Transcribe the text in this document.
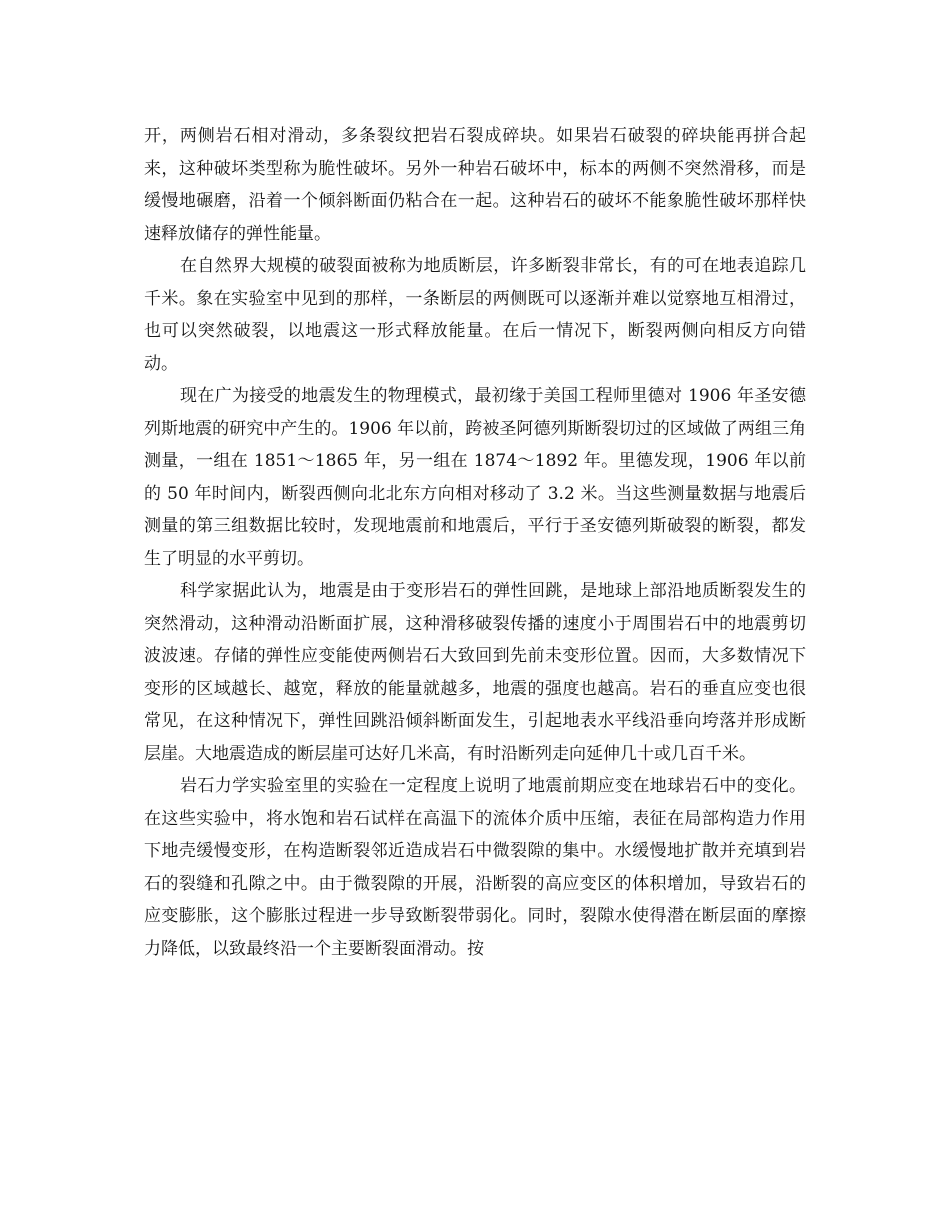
开，两侧岩石相对滑动，多条裂纹把岩石裂成碎块。如果岩石破裂的碎块能再拼合起来，这种破坏类型称为脆性破坏。另外一种岩石破坏中，标本的两侧不突然滑移，而是缓慢地碾磨，沿着一个倾斜断面仍粘合在一起。这种岩石的破坏不能象脆性破坏那样快速释放储存的弹性能量。

在自然界大规模的破裂面被称为地质断层，许多断裂非常长，有的可在地表追踪几千米。象在实验室中见到的那样，一条断层的两侧既可以逐渐并难以觉察地互相滑过，也可以突然破裂，以地震这一形式释放能量。在后一情况下，断裂两侧向相反方向错动。

现在广为接受的地震发生的物理模式，最初缘于美国工程师里德对 1906 年圣安德列斯地震的研究中产生的。1906 年以前，跨被圣阿德列斯断裂切过的区域做了两组三角测量，一组在 1851～1865 年，另一组在 1874～1892 年。里德发现，1906 年以前的 50 年时间内，断裂西侧向北北东方向相对移动了 3.2 米。当这些测量数据与地震后测量的第三组数据比较时，发现地震前和地震后，平行于圣安德列斯破裂的断裂，都发生了明显的水平剪切。

科学家据此认为，地震是由于变形岩石的弹性回跳，是地球上部沿地质断裂发生的突然滑动，这种滑动沿断面扩展，这种滑移破裂传播的速度小于周围岩石中的地震剪切波波速。存储的弹性应变能使两侧岩石大致回到先前未变形位置。因而，大多数情况下变形的区域越长、越宽，释放的能量就越多，地震的强度也越高。岩石的垂直应变也很常见，在这种情况下，弹性回跳沿倾斜断面发生，引起地表水平线沿垂向垮落并形成断层崖。大地震造成的断层崖可达好几米高，有时沿断列走向延伸几十或几百千米。

岩石力学实验室里的实验在一定程度上说明了地震前期应变在地球岩石中的变化。在这些实验中，将水饱和岩石试样在高温下的流体介质中压缩，表征在局部构造力作用下地壳缓慢变形，在构造断裂邻近造成岩石中微裂隙的集中。水缓慢地扩散并充填到岩石的裂缝和孔隙之中。由于微裂隙的开展，沿断裂的高应变区的体积增加，导致岩石的应变膨胀，这个膨胀过程进一步导致断裂带弱化。同时，裂隙水使得潜在断层面的摩擦力降低，以致最终沿一个主要断裂面滑动。按
